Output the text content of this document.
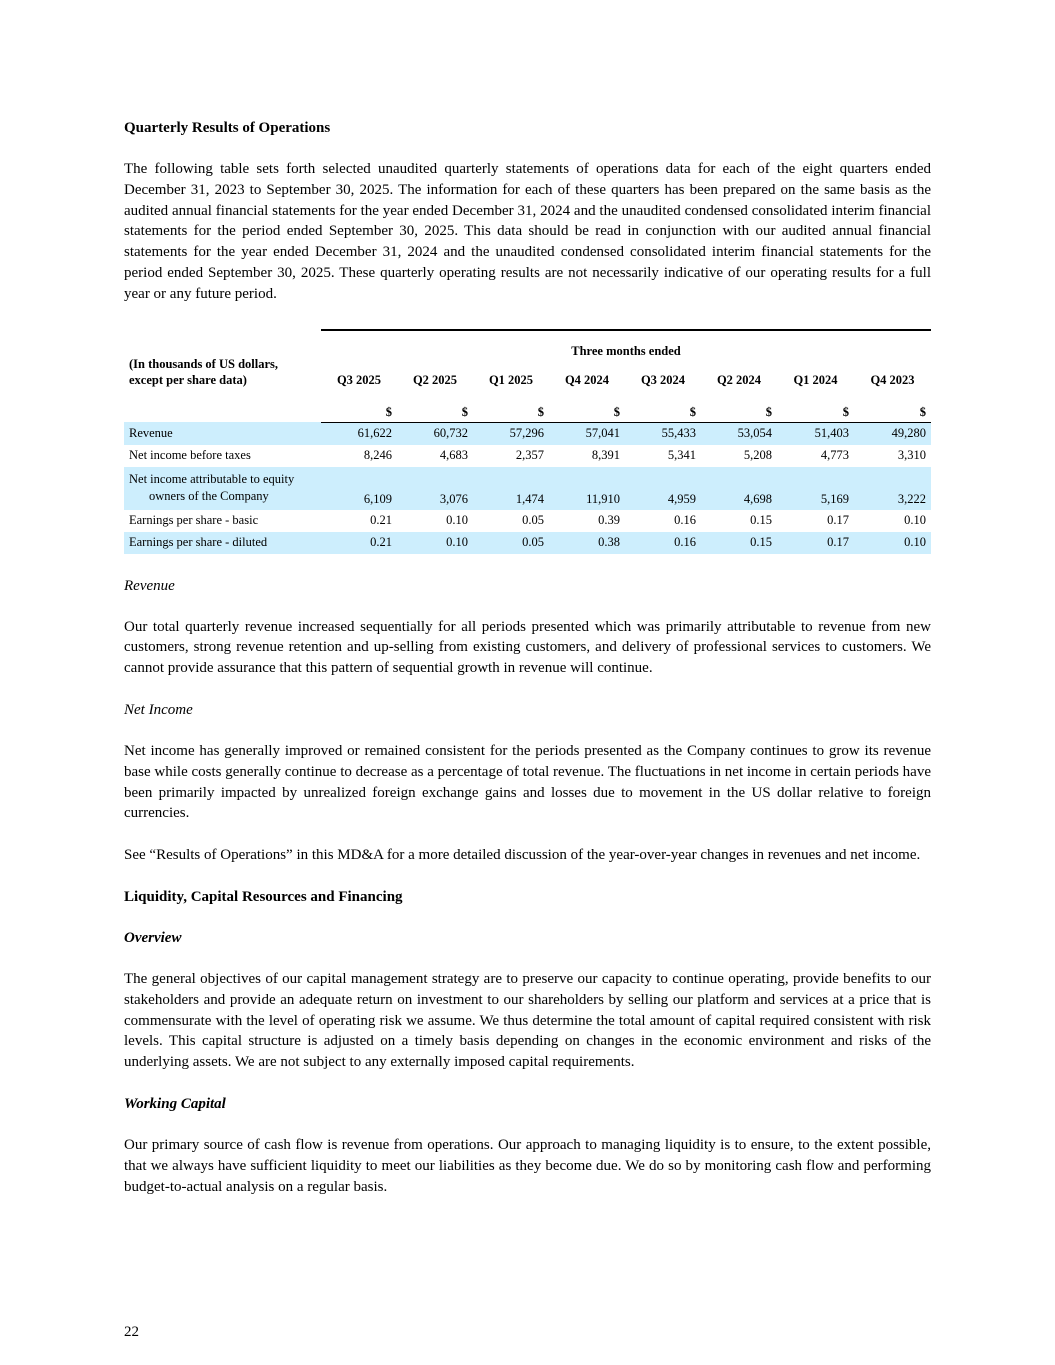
Quarterly Results of Operations

The following table sets forth selected unaudited quarterly statements of operations data for each of the eight quarters ended December 31, 2023 to September 30, 2025. The information for each of these quarters has been prepared on the same basis as the audited annual financial statements for the year ended December 31, 2024 and the unaudited condensed consolidated interim financial statements for the period ended September 30, 2025. This data should be read in conjunction with our audited annual financial statements for the year ended December 31, 2024 and the unaudited condensed consolidated interim financial statements for the period ended September 30, 2025. These quarterly operating results are not necessarily indicative of our operating results for a full year or any future period.

(In thousands of US dollars,
except per share data)	Three months ended							
	Q3 2025	Q2 2025	Q1 2025	Q4 2024	Q3 2024	Q2 2024	Q1 2024	Q4 2023

	$	$	$	$	$	$	$	$
Revenue	61,622	60,732	57,296	57,041	55,433	53,054	51,403	49,280
Net income before taxes	8,246	4,683	2,357	8,391	5,341	5,208	4,773	3,310
Net income attributable to equity
owners of the Company	6,109	3,076	1,474	11,910	4,959	4,698	5,169	3,222
Earnings per share - basic	0.21	0.10	0.05	0.39	0.16	0.15	0.17	0.10
Earnings per share - diluted	0.21	0.10	0.05	0.38	0.16	0.15	0.17	0.10

Revenue

Our total quarterly revenue increased sequentially for all periods presented which was primarily attributable to revenue from new customers, strong revenue retention and up-selling from existing customers, and delivery of professional services to customers. We cannot provide assurance that this pattern of sequential growth in revenue will continue.

Net Income

Net income has generally improved or remained consistent for the periods presented as the Company continues to grow its revenue base while costs generally continue to decrease as a percentage of total revenue. The fluctuations in net income in certain periods have been primarily impacted by unrealized foreign exchange gains and losses due to movement in the US dollar relative to foreign currencies.

See “Results of Operations” in this MD&A for a more detailed discussion of the year-over-year changes in revenues and net income.

Liquidity, Capital Resources and Financing

Overview

The general objectives of our capital management strategy are to preserve our capacity to continue operating, provide benefits to our stakeholders and provide an adequate return on investment to our shareholders by selling our platform and services at a price that is commensurate with the level of operating risk we assume. We thus determine the total amount of capital required consistent with risk levels. This capital structure is adjusted on a timely basis depending on changes in the economic environment and risks of the underlying assets. We are not subject to any externally imposed capital requirements.

Working Capital

Our primary source of cash flow is revenue from operations. Our approach to managing liquidity is to ensure, to the extent possible, that we always have sufficient liquidity to meet our liabilities as they become due. We do so by monitoring cash flow and performing budget-to-actual analysis on a regular basis.

22
